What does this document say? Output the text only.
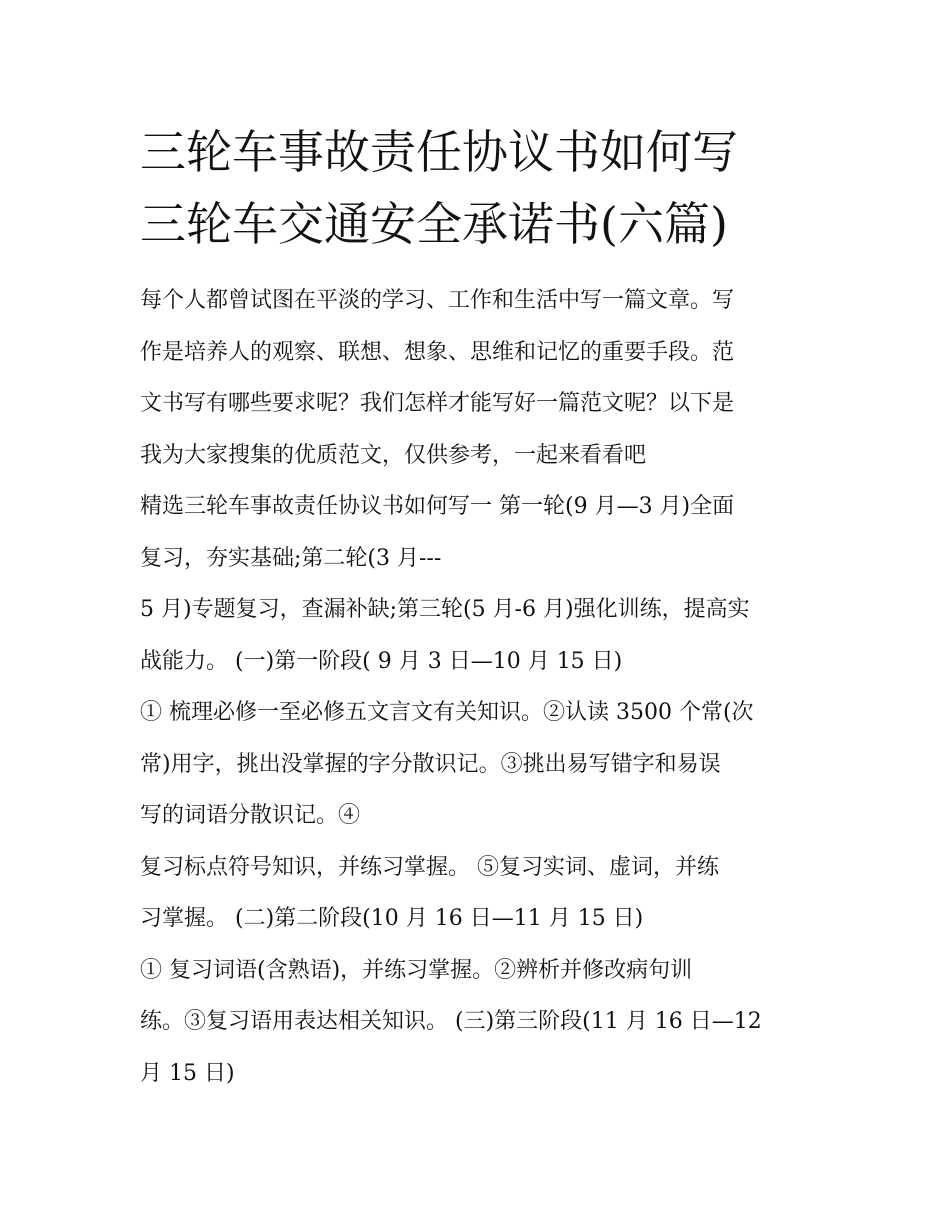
三轮车事故责任协议书如何写
三轮车交通安全承诺书(六篇)
每个人都曾试图在平淡的学习、工作和生活中写一篇文章。写
作是培养人的观察、联想、想象、思维和记忆的重要手段。范
文书写有哪些要求呢？我们怎样才能写好一篇范文呢？以下是
我为大家搜集的优质范文，仅供参考，一起来看看吧
精选三轮车事故责任协议书如何写一 第一轮(9 月—3 月)全面
复习，夯实基础;第二轮(3 月---
5 月)专题复习，查漏补缺;第三轮(5 月-6 月)强化训练，提高实
战能力。 (一)第一阶段( 9 月 3 日—10 月 15 日)
① 梳理必修一至必修五文言文有关知识。②认读 3500 个常(次
常)用字，挑出没掌握的字分散识记。③挑出易写错字和易误
写的词语分散识记。④
复习标点符号知识，并练习掌握。 ⑤复习实词、虚词，并练
习掌握。 (二)第二阶段(10 月 16 日—11 月 15 日)
① 复习词语(含熟语)，并练习掌握。②辨析并修改病句训
练。③复习语用表达相关知识。 (三)第三阶段(11 月 16 日—12
月 15 日)
